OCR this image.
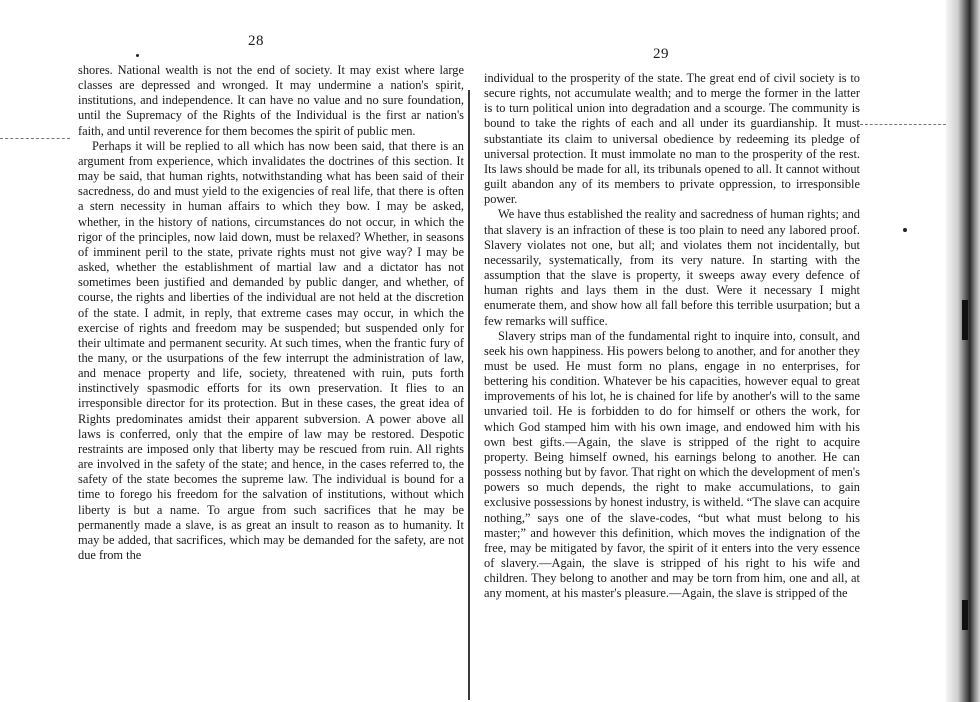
28

shores. National wealth is not the end of society. It may exist where large classes are depressed and wronged. It may undermine a nation's spirit, institutions, and independence. It can have no value and no sure foundation, until the Supremacy of the Rights of the Individual is the first ar nation's faith, and until reverence for them becomes the spirit of public men.

Perhaps it will be replied to all which has now been said, that there is an argument from experience, which invalidates the doctrines of this section. It may be said, that human rights, notwithstanding what has been said of their sacredness, do and must yield to the exigencies of real life, that there is often a stern necessity in human affairs to which they bow. I may be asked, whether, in the history of nations, circumstances do not occur, in which the rigor of the principles, now laid down, must be relaxed? Whether, in seasons of imminent peril to the state, private rights must not give way? I may be asked, whether the establishment of martial law and a dictator has not sometimes been justified and demanded by public danger, and whether, of course, the rights and liberties of the individual are not held at the discretion of the state. I admit, in reply, that extreme cases may occur, in which the exercise of rights and freedom may be suspended; but suspended only for their ultimate and permanent security. At such times, when the frantic fury of the many, or the usurpations of the few interrupt the administration of law, and menace property and life, society, threatened with ruin, puts forth instinctively spasmodic efforts for its own preservation. It flies to an irresponsible director for its protection. But in these cases, the great idea of Rights predominates amidst their apparent subversion. A power above all laws is conferred, only that the empire of law may be restored. Despotic restraints are imposed only that liberty may be rescued from ruin. All rights are involved in the safety of the state; and hence, in the cases referred to, the safety of the state becomes the supreme law. The individual is bound for a time to forego his freedom for the salvation of institutions, without which liberty is but a name. To argue from such sacrifices that he may be permanently made a slave, is as great an insult to reason as to humanity. It may be added, that sacrifices, which may be demanded for the safety, are not due from the

29

individual to the prosperity of the state. The great end of civil society is to secure rights, not accumulate wealth; and to merge the former in the latter is to turn political union into degradation and a scourge. The community is bound to take the rights of each and all under its guardianship. It must substantiate its claim to universal obedience by redeeming its pledge of universal protection. It must immolate no man to the prosperity of the rest. Its laws should be made for all, its tribunals opened to all. It cannot without guilt abandon any of its members to private oppression, to irresponsible power.

We have thus established the reality and sacredness of human rights; and that slavery is an infraction of these is too plain to need any labored proof. Slavery violates not one, but all; and violates them not incidentally, but necessarily, systematically, from its very nature. In starting with the assumption that the slave is property, it sweeps away every defence of human rights and lays them in the dust. Were it necessary I might enumerate them, and show how all fall before this terrible usurpation; but a few remarks will suffice.

Slavery strips man of the fundamental right to inquire into, consult, and seek his own happiness. His powers belong to another, and for another they must be used. He must form no plans, engage in no enterprises, for bettering his condition. Whatever be his capacities, however equal to great improvements of his lot, he is chained for life by another's will to the same unvaried toil. He is forbidden to do for himself or others the work, for which God stamped him with his own image, and endowed him with his own best gifts.—Again, the slave is stripped of the right to acquire property. Being himself owned, his earnings belong to another. He can possess nothing but by favor. That right on which the development of men's powers so much depends, the right to make accumulations, to gain exclusive possessions by honest industry, is witheld. “The slave can acquire nothing,” says one of the slave-codes, “but what must belong to his master;” and however this definition, which moves the indignation of the free, may be mitigated by favor, the spirit of it enters into the very essence of slavery.—Again, the slave is stripped of his right to his wife and children. They belong to another and may be torn from him, one and all, at any moment, at his master's pleasure.—Again, the slave is stripped of the
